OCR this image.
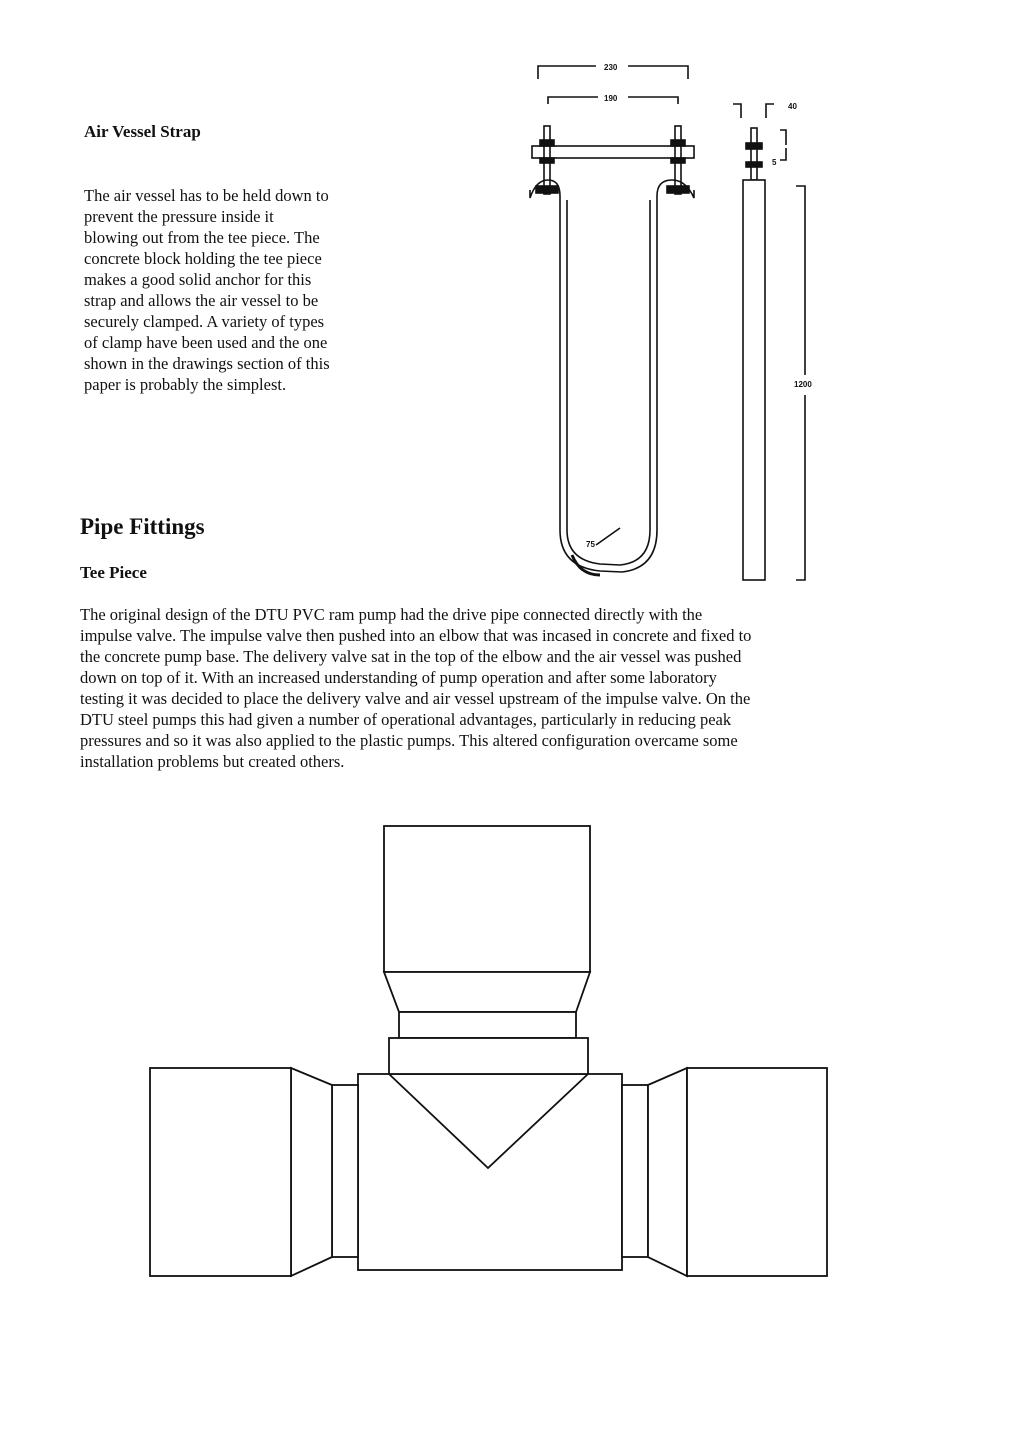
Air Vessel Strap

The air vessel has to be held down to
prevent the pressure inside it
blowing out from the tee piece. The
concrete block holding the tee piece
makes a good solid anchor for this
strap and allows the air vessel to be
securely clamped. A variety of types
of clamp have been used and the one
shown in the drawings section of this
paper is probably the simplest.

Pipe Fittings
Tee Piece

The original design of the DTU PVC ram pump had the drive pipe connected directly with the
impulse valve. The impulse valve then pushed into an elbow that was incased in concrete and fixed to
the concrete pump base. The delivery valve sat in the top of the elbow and the air vessel was pushed
down on top of it. With an increased understanding of pump operation and after some laboratory
testing it was decided to place the delivery valve and air vessel upstream of the impulse valve. On the
DTU steel pumps this had given a number of operational advantages, particularly in reducing peak
pressures and so it was also applied to the plastic pumps. This altered configuration overcame some
installation problems but created others.

230
190
40
5
1200
75
